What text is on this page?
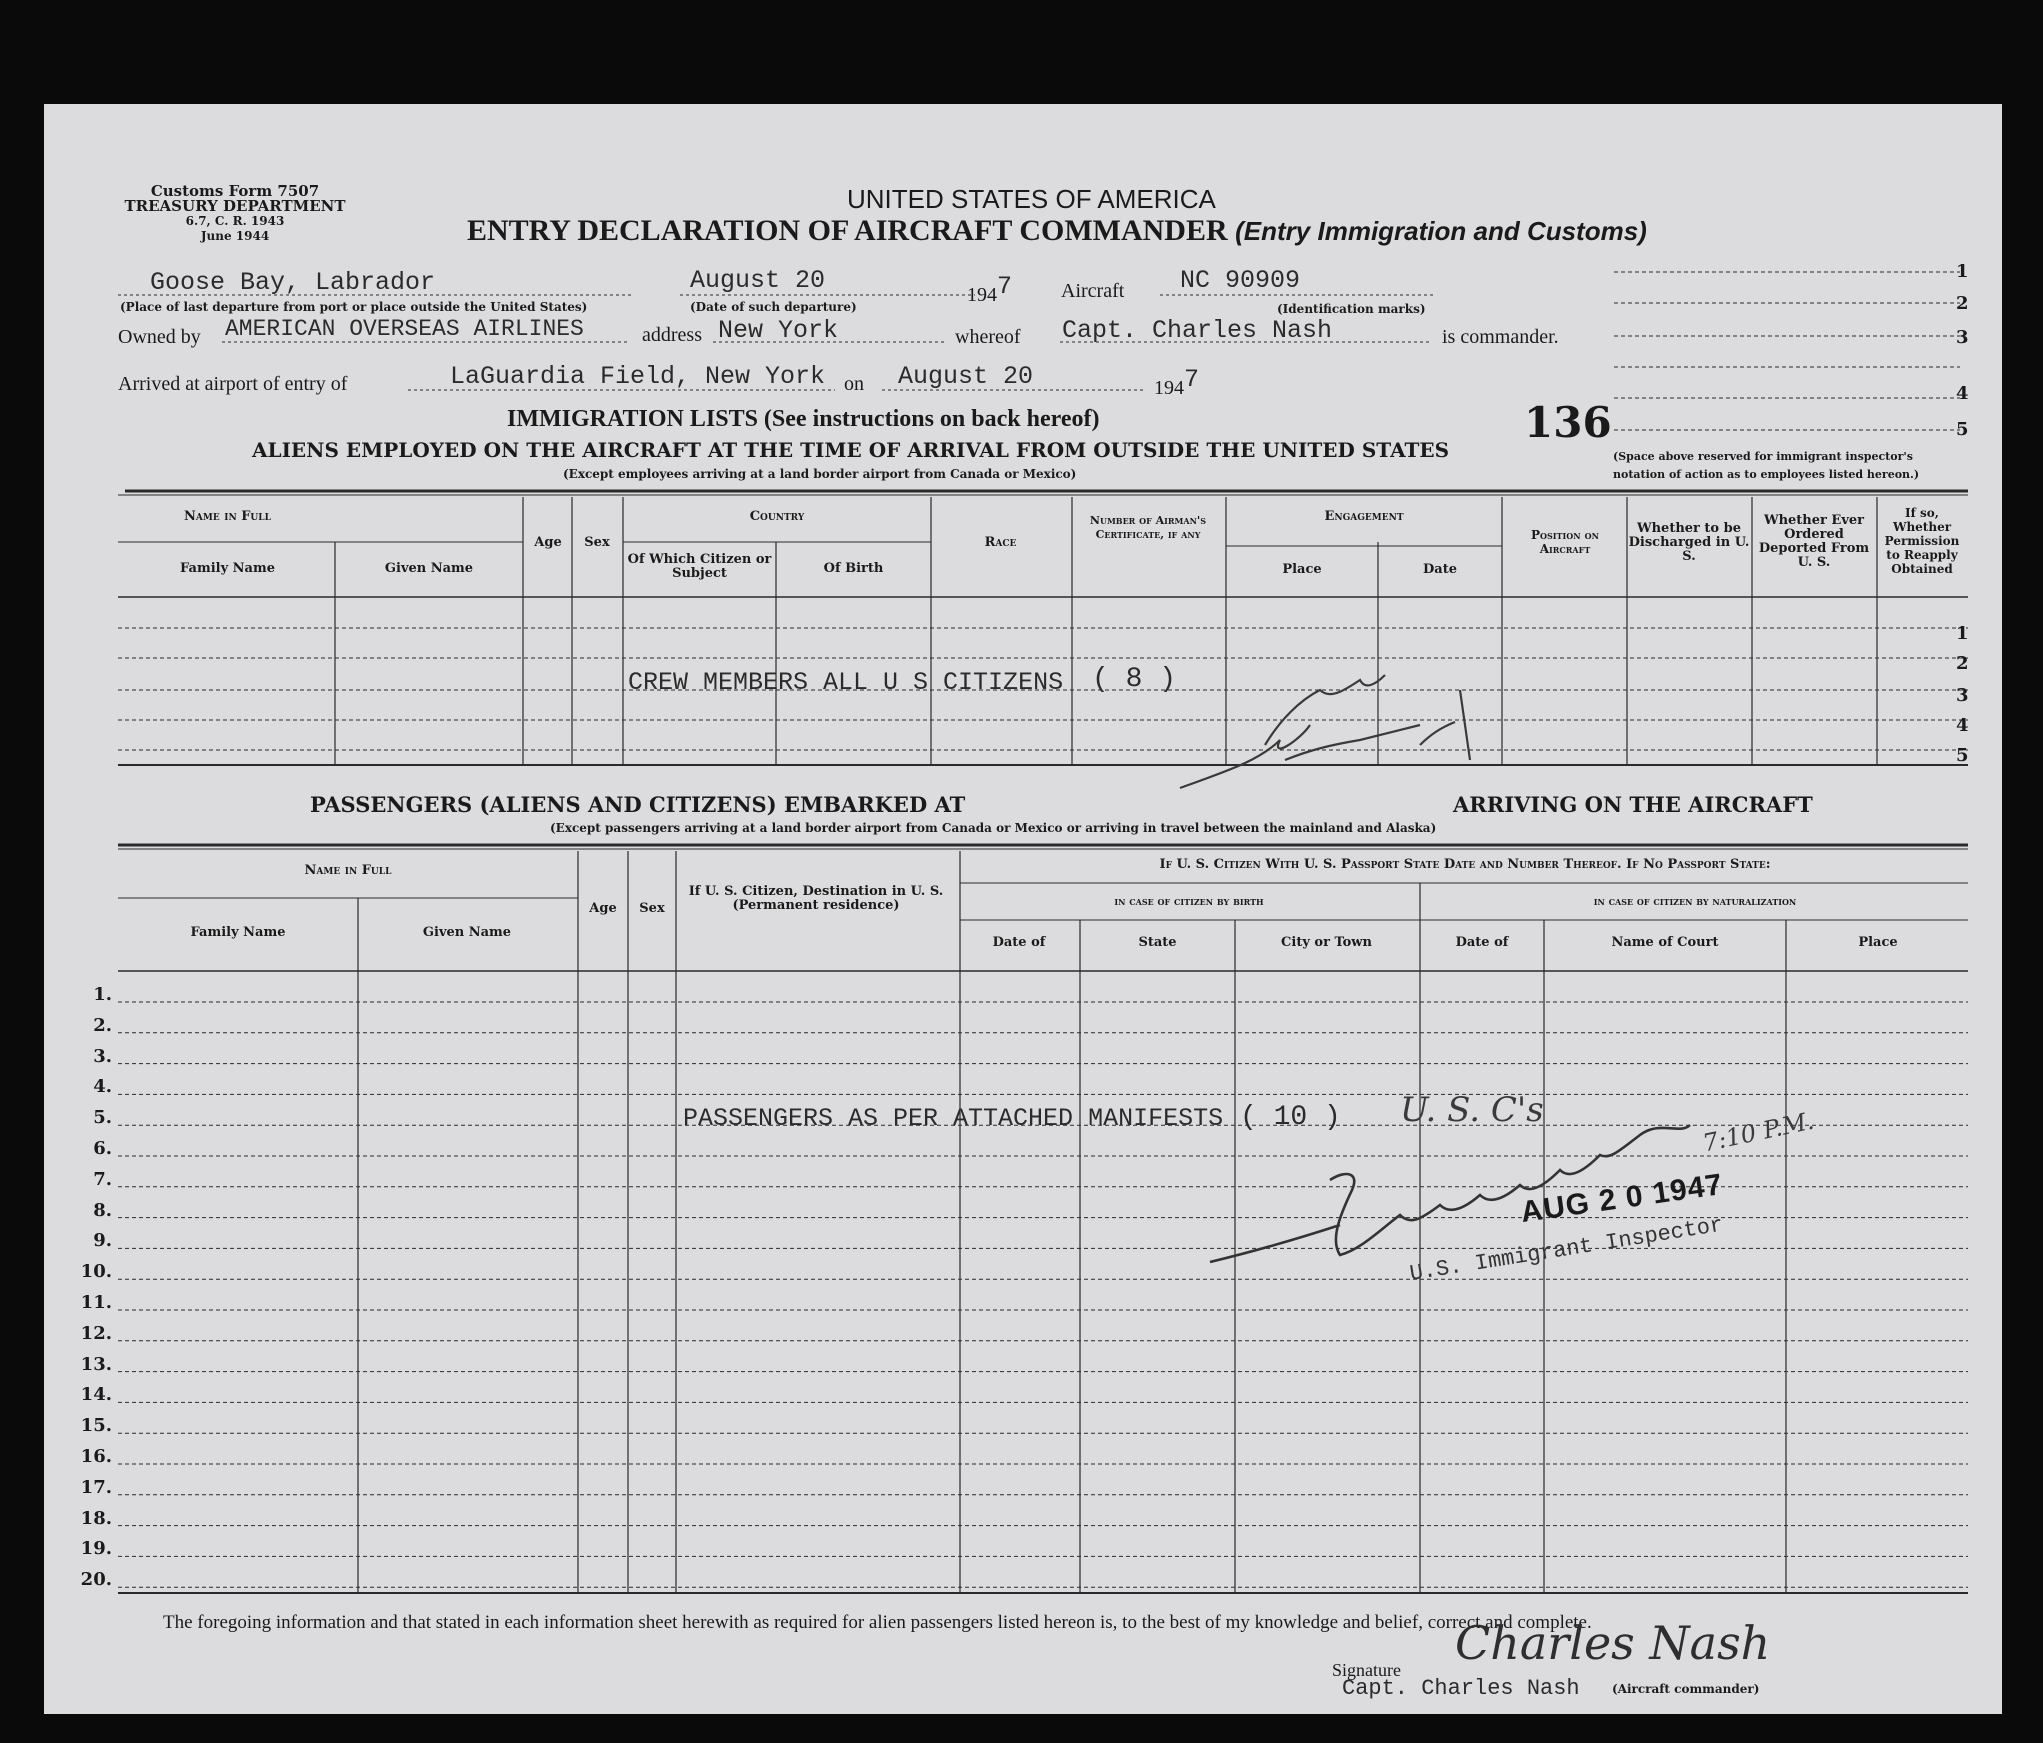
Customs Form 7507
TREASURY DEPARTMENT
6.7, C. R. 1943
June 1944
UNITED STATES OF AMERICA
ENTRY DECLARATION OF AIRCRAFT COMMANDER (Entry Immigration and Customs)
Goose Bay, Labrador
(Place of last departure from port or place outside the United States)
August 20
(Date of such departure)
1947 Aircraft NC 90909
(Identification marks)
Owned by AMERICAN OVERSEAS AIRLINES	address New York	whereof Capt. Charles Nash	is commander.
Arrived at airport of entry of	LaGuardia Field, New York on August 20	1947
136
(Space above reserved for immigrant inspector's
notation of action as to employees listed hereon.)
1
2
3
4
5
IMMIGRATION LISTS (See instructions on back hereof)
ALIENS EMPLOYED ON THE AIRCRAFT AT THE TIME OF ARRIVAL FROM OUTSIDE THE UNITED STATES
(Except employees arriving at a land border airport from Canada or Mexico)
Name in Full
Family Name	Given Name
Age	Sex
Country
Of Which Citizen or Subject	Of Birth
Race
Number of Airman's Certificate, if any
Engagement
Place	Date
Position on Aircraft
Whether to be Discharged in U. S.
Whether Ever Ordered Deported From U. S.
If so, Whether Permission to Reapply Obtained
1
2
3
4
5
CREW MEMBERS ALL U S CITIZENS ( 8 )
PASSENGERS (ALIENS AND CITIZENS) EMBARKED AT	ARRIVING ON THE AIRCRAFT
(Except passengers arriving at a land border airport from Canada or Mexico or arriving in travel between the mainland and Alaska)
Name in Full
Family Name	Given Name
Age	Sex
If U. S. Citizen, Destination in U. S. (Permanent residence)
If U. S. Citizen With U. S. Passport State Date and Number Thereof. If No Passport State:
in case of citizen by birth	in case of citizen by naturalization
Date of	State	City or Town	Date of	Name of Court	Place
1.
2.
3.
4.
5.
6.
7.
8.
9.
10.
11.
12.
13.
14.
15.
16.
17.
18.
19.
20.
PASSENGERS AS PER ATTACHED MANIFESTS ( 10 ) U. S. C's	7:10 P.M.
AUG 2 0 1947
U.S. Immigrant Inspector
The foregoing information and that stated in each information sheet herewith as required for alien passengers listed hereon is, to the best of my knowledge and belief, correct and complete.
Signature Charles Nash
Capt. Charles Nash	(Aircraft commander)
